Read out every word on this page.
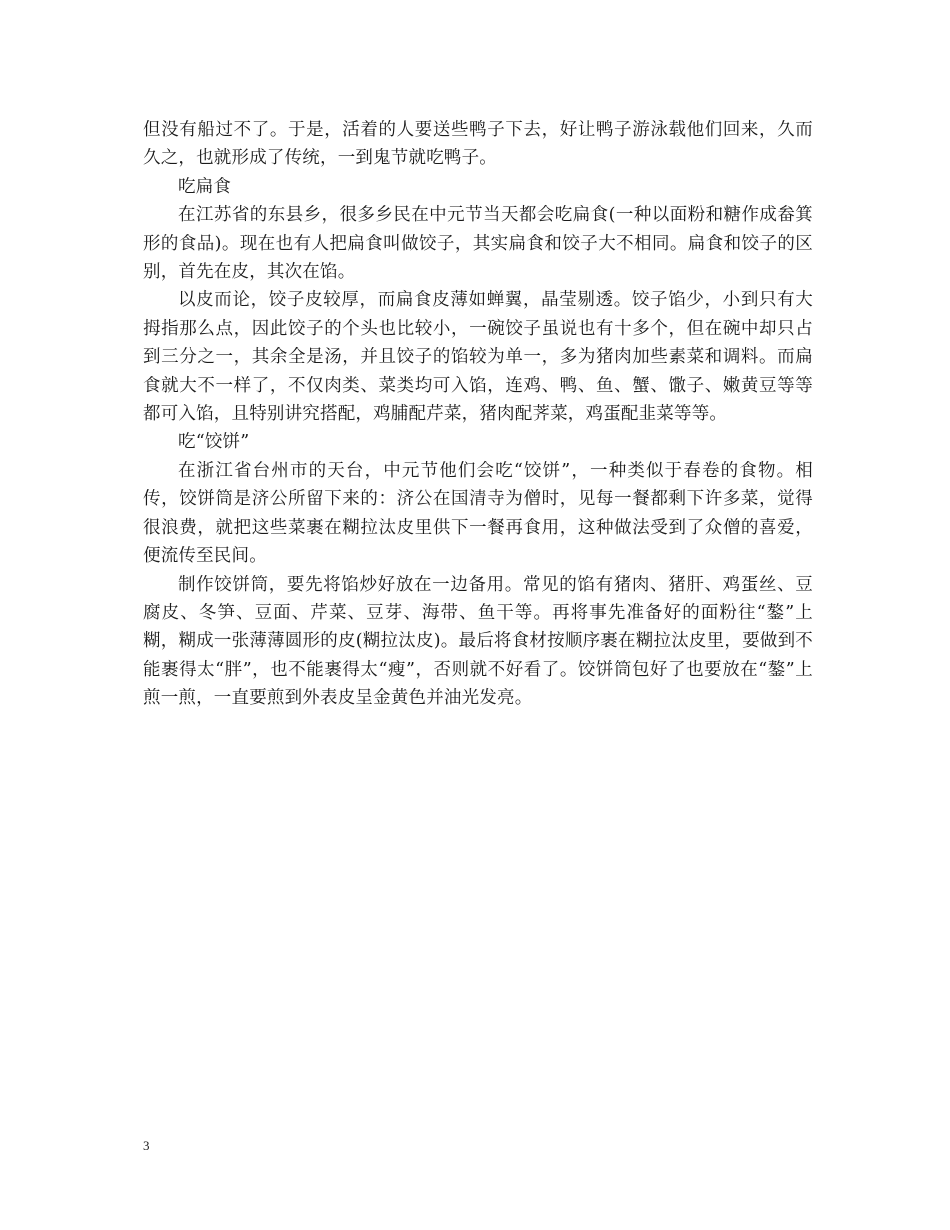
但没有船过不了。于是，活着的人要送些鸭子下去，好让鸭子游泳载他们回来，久而久之，也就形成了传统，一到鬼节就吃鸭子。

吃扁食

在江苏省的东县乡，很多乡民在中元节当天都会吃扁食(一种以面粉和糖作成畚箕形的食品)。现在也有人把扁食叫做饺子，其实扁食和饺子大不相同。扁食和饺子的区别，首先在皮，其次在馅。

以皮而论，饺子皮较厚，而扁食皮薄如蝉翼，晶莹剔透。饺子馅少，小到只有大拇指那么点，因此饺子的个头也比较小，一碗饺子虽说也有十多个，但在碗中却只占到三分之一，其余全是汤，并且饺子的馅较为单一，多为猪肉加些素菜和调料。而扁食就大不一样了，不仅肉类、菜类均可入馅，连鸡、鸭、鱼、蟹、馓子、嫩黄豆等等都可入馅，且特别讲究搭配，鸡脯配芹菜，猪肉配荠菜，鸡蛋配韭菜等等。

吃“饺饼”

在浙江省台州市的天台，中元节他们会吃“饺饼”，一种类似于春卷的食物。相传，饺饼筒是济公所留下来的：济公在国清寺为僧时，见每一餐都剩下许多菜，觉得很浪费，就把这些菜裹在糊拉汰皮里供下一餐再食用，这种做法受到了众僧的喜爱，便流传至民间。

制作饺饼筒，要先将馅炒好放在一边备用。常见的馅有猪肉、猪肝、鸡蛋丝、豆腐皮、冬笋、豆面、芹菜、豆芽、海带、鱼干等。再将事先准备好的面粉往“鏊”上糊，糊成一张薄薄圆形的皮(糊拉汰皮)。最后将食材按顺序裹在糊拉汰皮里，要做到不能裹得太“胖”，也不能裹得太“瘦”，否则就不好看了。饺饼筒包好了也要放在“鏊”上煎一煎，一直要煎到外表皮呈金黄色并油光发亮。

3
